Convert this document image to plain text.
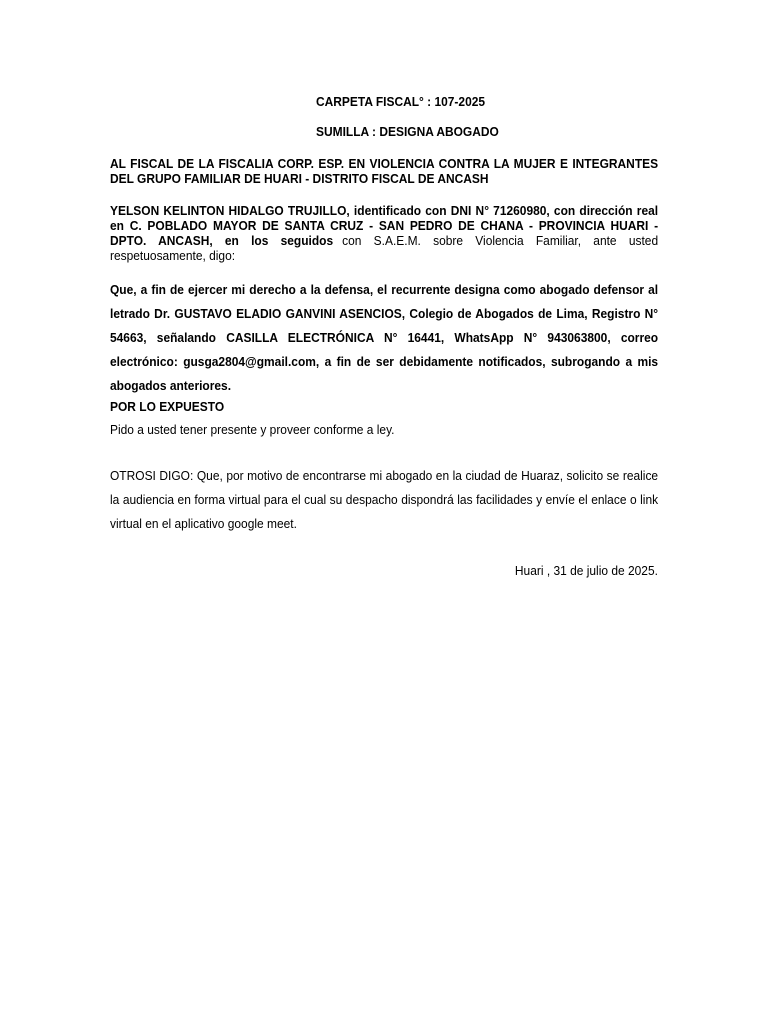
CARPETA FISCAL° : 107-2025
SUMILLA : DESIGNA ABOGADO
AL FISCAL DE LA FISCALIA CORP. ESP. EN VIOLENCIA CONTRA LA MUJER E INTEGRANTES DEL GRUPO FAMILIAR DE HUARI - DISTRITO FISCAL DE ANCASH
YELSON KELINTON HIDALGO TRUJILLO, identificado con DNI N° 71260980, con dirección real en C. POBLADO MAYOR DE SANTA CRUZ - SAN PEDRO DE CHANA - PROVINCIA HUARI -DPTO. ANCASH, en los seguidos con S.A.E.M. sobre Violencia Familiar, ante usted respetuosamente, digo:
Que, a fin de ejercer mi derecho a la defensa, el recurrente designa como abogado defensor al letrado Dr. GUSTAVO ELADIO GANVINI ASENCIOS, Colegio de Abogados de Lima, Registro N° 54663, señalando CASILLA ELECTRÓNICA N° 16441, WhatsApp N° 943063800, correo electrónico: gusga2804@gmail.com, a fin de ser debidamente notificados, subrogando a mis abogados anteriores.
POR LO EXPUESTO
Pido a usted tener presente y proveer conforme a ley.
OTROSI DIGO: Que, por motivo de encontrarse mi abogado en la ciudad de Huaraz, solicito se realice la audiencia en forma virtual para el cual su despacho dispondrá las facilidades y envíe el enlace o link virtual en el aplicativo google meet.
Huari , 31 de julio de 2025.
